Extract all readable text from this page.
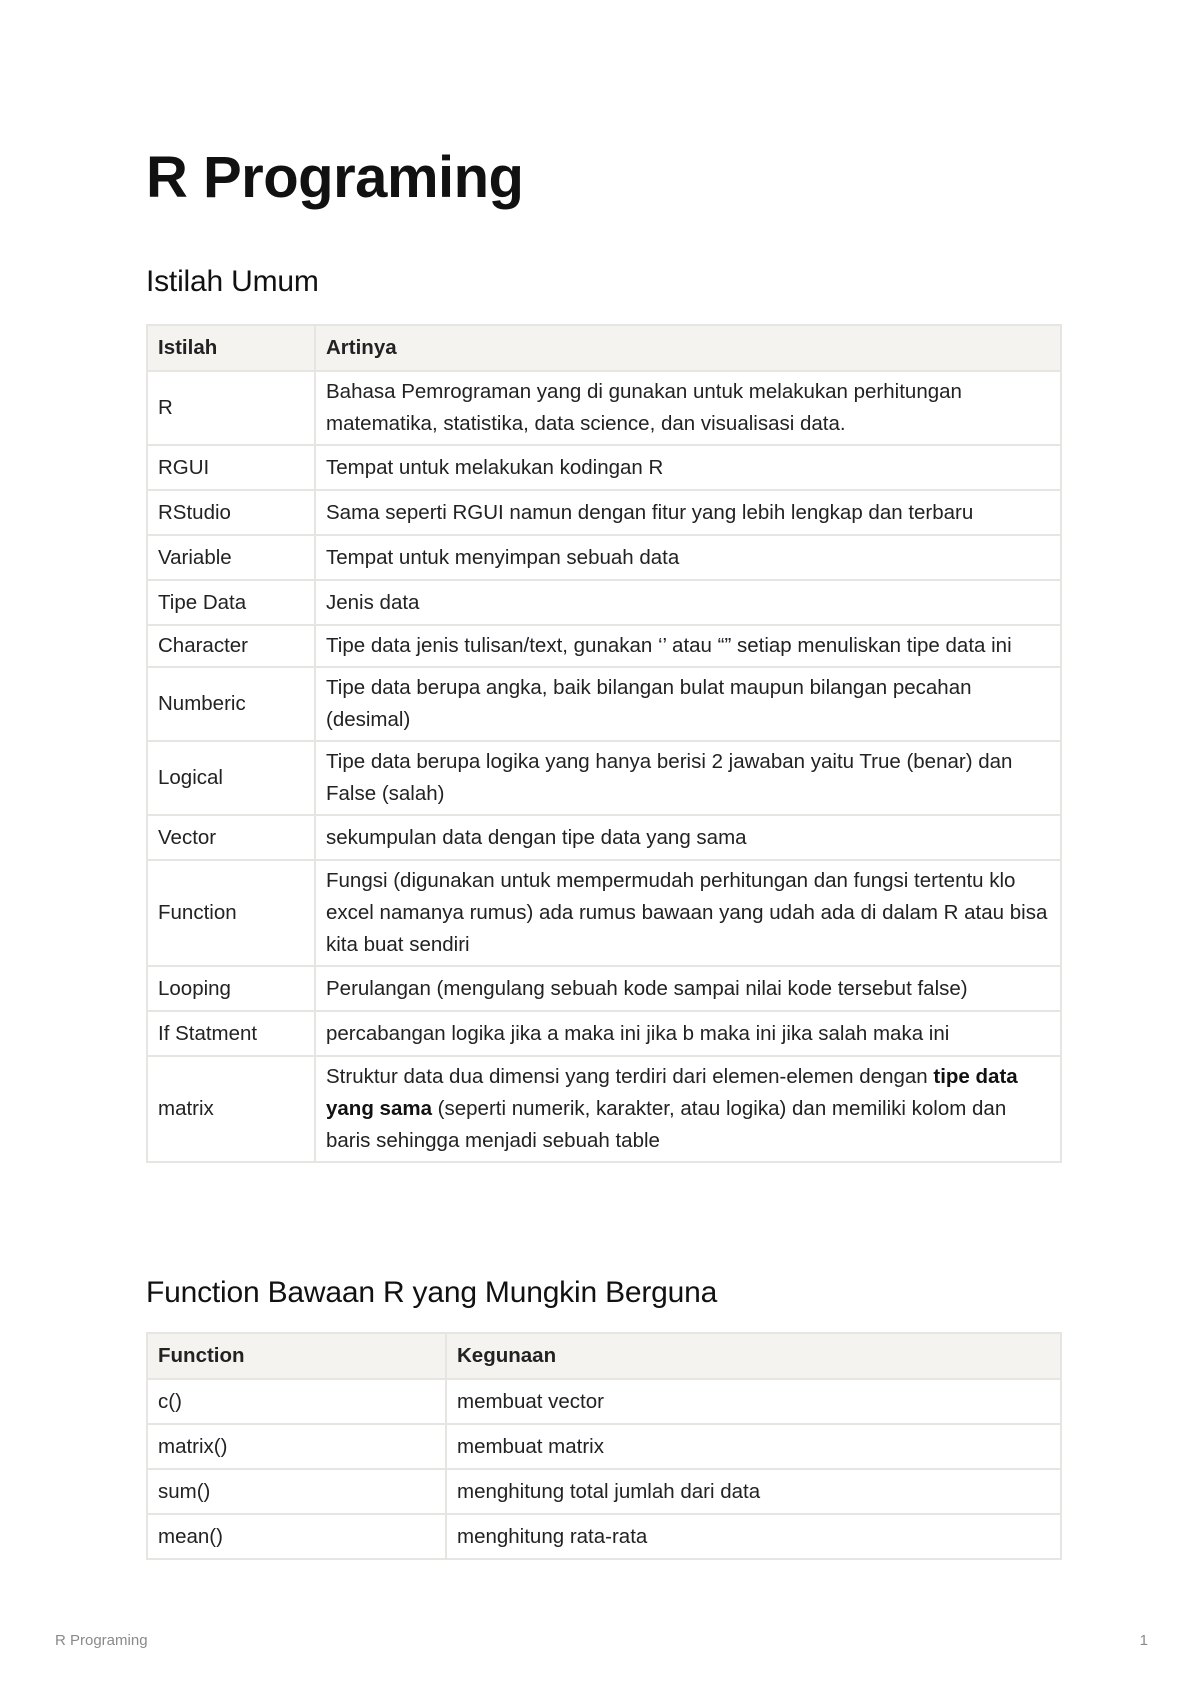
R Programing
Istilah Umum
Istilah	Artinya
R	Bahasa Pemrograman yang di gunakan untuk melakukan perhitungan matematika, statistika, data science, dan visualisasi data.
RGUI	Tempat untuk melakukan kodingan R
RStudio	Sama seperti RGUI namun dengan fitur yang lebih lengkap dan terbaru
Variable	Tempat untuk menyimpan sebuah data
Tipe Data	Jenis data
Character	Tipe data jenis tulisan/text, gunakan ‘’ atau “” setiap menuliskan tipe data ini
Numberic	Tipe data berupa angka, baik bilangan bulat maupun bilangan pecahan (desimal)
Logical	Tipe data berupa logika yang hanya berisi 2 jawaban yaitu True (benar) dan False (salah)
Vector	sekumpulan data dengan tipe data yang sama
Function	Fungsi (digunakan untuk mempermudah perhitungan dan fungsi tertentu klo excel namanya rumus) ada rumus bawaan yang udah ada di dalam R atau bisa kita buat sendiri
Looping	Perulangan (mengulang sebuah kode sampai nilai kode tersebut false)
If Statment	percabangan logika jika a maka ini jika b maka ini jika salah maka ini
matrix	Struktur data dua dimensi yang terdiri dari elemen-elemen dengan tipe data yang sama (seperti numerik, karakter, atau logika) dan memiliki kolom dan baris sehingga menjadi sebuah table
Function Bawaan R yang Mungkin Berguna
Function	Kegunaan
c()	membuat vector
matrix()	membuat matrix
sum()	menghitung total jumlah dari data
mean()	menghitung rata-rata
R Programing	1
